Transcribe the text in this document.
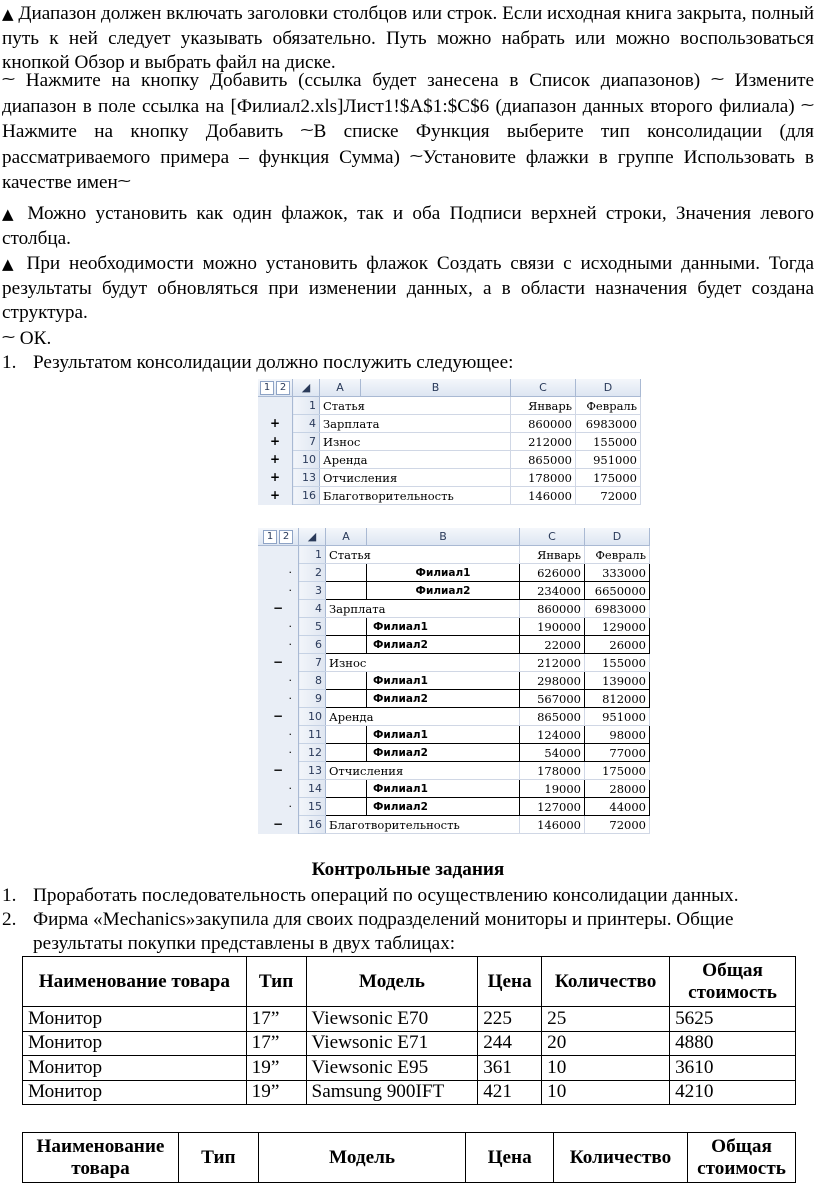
▲ Диапазон должен включать заголовки столбцов или строк. Если исходная книга закрыта, полный путь к ней следует указывать обязательно. Путь можно набрать или можно воспользоваться кнопкой Обзор и выбрать файл на диске.

⁓ Нажмите на кнопку Добавить (ссылка будет занесена в Список диапазонов) ⁓ Измените диапазон в поле ссылка на [Филиал2.xls]Лист1!$A$1:$C$6 (диапазон данных второго филиала) ⁓ Нажмите на кнопку Добавить ⁓В списке Функция выберите тип консолидации (для рассматриваемого примера – функция Сумма) ⁓Установите флажки в группе Использовать в качестве имен⁓

▲ Можно установить как один флажок, так и оба Подписи верхней строки, Значения левого столбца.

▲ При необходимости можно установить флажок Создать связи с исходными данными. Тогда результаты будут обновляться при изменении данных, а в области назначения будет создана структура.

⁓ ОК.

1. Результатом консолидации должно послужить следующее:
1 2	◢	A	B	C	D
	1	Статья		Январь	Февраль
+	4	Зарплата		860000	6983000
+	7	Износ		212000	155000
+	10	Аренда		865000	951000
+	13	Отчисления		178000	175000
+	16	Благотворительность		146000	72000
1 2	◢	A	B	C	D
	1	Статья		Январь	Февраль
·	2		Филиал1	626000	333000
·	3		Филиал2	234000	6650000
−	4	Зарплата		860000	6983000
·	5		Филиал1	190000	129000
·	6		Филиал2	22000	26000
−	7	Износ		212000	155000
·	8		Филиал1	298000	139000
·	9		Филиал2	567000	812000
−	10	Аренда		865000	951000
·	11		Филиал1	124000	98000
·	12		Филиал2	54000	77000
−	13	Отчисления		178000	175000
·	14		Филиал1	19000	28000
·	15		Филиал2	127000	44000
−	16	Благотворительность		146000	72000
Контрольные задания
1. Проработать последовательность операций по осуществлению консолидации данных.
2. Фирма «Mechanics»закупила для своих подразделений мониторы и принтеры. Общие
результаты покупки представлены в двух таблицах:
Наименование товара	Тип	Модель	Цена	Количество	Общая стоимость
Монитор	17”	Viewsonic E70	225	25	5625
Монитор	17”	Viewsonic E71	244	20	4880
Монитор	19”	Viewsonic E95	361	10	3610
Монитор	19”	Samsung 900IFT	421	10	4210
Наименование товара	Тип	Модель	Цена	Количество	Общая стоимость
